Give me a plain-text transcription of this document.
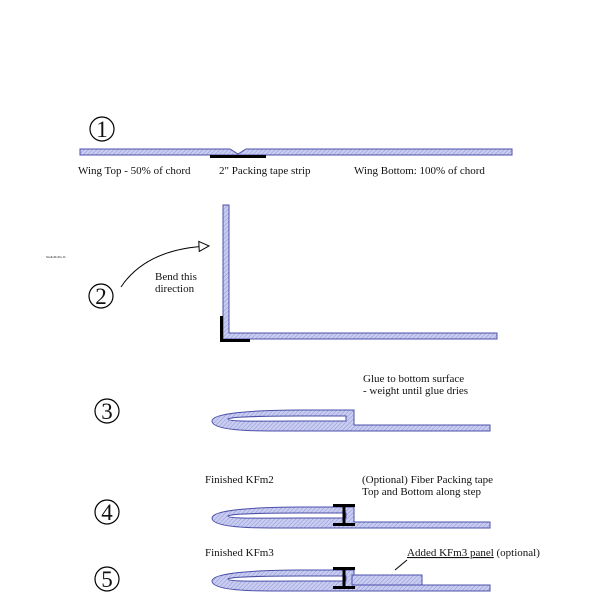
StudioProPro.Ib
1
Wing Top - 50% of chord	2" Packing tape strip	Wing Bottom: 100% of chord
2
Bend this
direction
3
Glue to bottom surface
- weight until glue dries
Finished KFm2	(Optional) Fiber Packing tape
Top and Bottom along step
4
Finished KFm3	Added KFm3 panel (optional)
5
